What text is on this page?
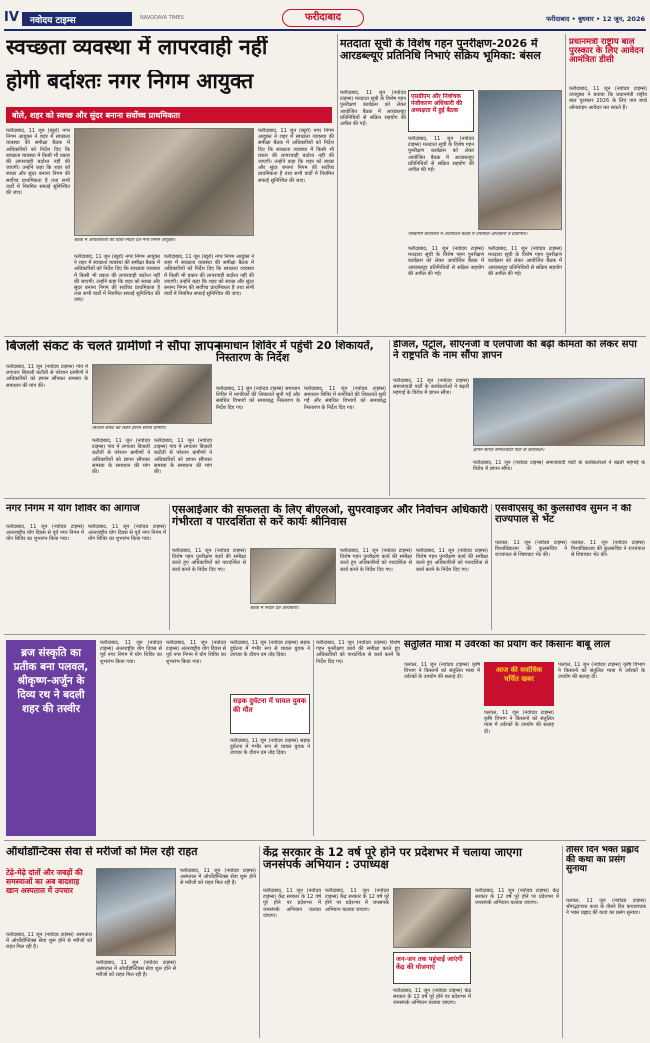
IV	नवोदय टाइम्स	NAVODAYA TIMES	फरीदाबाद	फरीदाबाद • बुधवार • 12 जून, 2026
स्वच्छता व्यवस्था में लापरवाही नहीं
होगी बर्दाश्तः नगर निगम आयुक्त
बोले, शहर को स्वच्छ और सुंदर बनाना सर्वोच्च प्राथमिकता
फरीदाबाद, 11 जून (ब्यूरो) नगर निगम आयुक्त ने शहर में स्वच्छता व्यवस्था की समीक्षा बैठक में अधिकारियों को निर्देश दिए कि स्वच्छता व्यवस्था में किसी भी प्रकार की लापरवाही बर्दाश्त नहीं की जाएगी। उन्होंने कहा कि शहर को स्वच्छ और सुंदर बनाना निगम की सर्वोच्च प्राथमिकता है तथा सभी वार्डों में नियमित सफाई सुनिश्चित की जाए।
बैठक में अधिकारियों को दिशा-निर्देश देते नगर निगम आयुक्त।
फरीदाबाद, 11 जून (ब्यूरो) नगर निगम आयुक्त ने शहर में स्वच्छता व्यवस्था की समीक्षा बैठक में अधिकारियों को निर्देश दिए कि स्वच्छता व्यवस्था में किसी भी प्रकार की लापरवाही बर्दाश्त नहीं की जाएगी। उन्होंने कहा कि शहर को स्वच्छ और सुंदर बनाना निगम की सर्वोच्च प्राथमिकता है तथा सभी वार्डों में नियमित सफाई सुनिश्चित की जाए।
फरीदाबाद, 11 जून (ब्यूरो) नगर निगम आयुक्त ने शहर में स्वच्छता व्यवस्था की समीक्षा बैठक में अधिकारियों को निर्देश दिए कि स्वच्छता व्यवस्था में किसी भी प्रकार की लापरवाही बर्दाश्त नहीं की जाएगी। उन्होंने कहा कि शहर को स्वच्छ और सुंदर बनाना निगम की सर्वोच्च प्राथमिकता है तथा सभी वार्डों में नियमित सफाई सुनिश्चित की जाए।
फरीदाबाद, 11 जून (ब्यूरो) नगर निगम आयुक्त ने शहर में स्वच्छता व्यवस्था की समीक्षा बैठक में अधिकारियों को निर्देश दिए कि स्वच्छता व्यवस्था में किसी भी प्रकार की लापरवाही बर्दाश्त नहीं की जाएगी। उन्होंने कहा कि शहर को स्वच्छ और सुंदर बनाना निगम की सर्वोच्च प्राथमिकता है तथा सभी वार्डों में नियमित सफाई सुनिश्चित की जाए।
मतदाता सूची के विशेष गहन पुनरीक्षण-2026 में आरडब्ल्यूए प्रतिनिधि निभाएं सक्रिय भूमिका: बंसल
फरीदाबाद, 11 जून (नवोदय टाइम्स) मतदाता सूची के विशेष गहन पुनरीक्षण कार्यक्रम को लेकर आयोजित बैठक में आरडब्ल्यूए प्रतिनिधियों से सक्रिय सहयोग की अपील की गई।
एसडीएम और निर्वाचक पंजीकरण अधिकारी की अध्यक्षता में हुई बैठक
एसडीएम कार्यालय में आयोजित बैठक में उपस्थित अधिकारी व प्रतिनिधि।
फरीदाबाद, 11 जून (नवोदय टाइम्स) मतदाता सूची के विशेष गहन पुनरीक्षण कार्यक्रम को लेकर आयोजित बैठक में आरडब्ल्यूए प्रतिनिधियों से सक्रिय सहयोग की अपील की गई।
फरीदाबाद, 11 जून (नवोदय टाइम्स) मतदाता सूची के विशेष गहन पुनरीक्षण कार्यक्रम को लेकर आयोजित बैठक में आरडब्ल्यूए प्रतिनिधियों से सक्रिय सहयोग की अपील की गई।
फरीदाबाद, 11 जून (नवोदय टाइम्स) मतदाता सूची के विशेष गहन पुनरीक्षण कार्यक्रम को लेकर आयोजित बैठक में आरडब्ल्यूए प्रतिनिधियों से सक्रिय सहयोग की अपील की गई।
प्रधानमंत्री राष्ट्रीय बाल पुरस्कार के लिए आवेदन आमंत्रितः डीसी
फरीदाबाद, 11 जून (नवोदय टाइम्स) उपायुक्त ने बताया कि प्रधानमंत्री राष्ट्रीय बाल पुरस्कार 2026 के लिए पात्र बच्चे ऑनलाइन आवेदन कर सकते हैं।
बिजली संकट के चलते ग्रामीणों ने सौंपा ज्ञापन
फरीदाबाद, 11 जून (नवोदय टाइम्स) गांव में लगातार बिजली कटौती से परेशान ग्रामीणों ने अधिकारियों को ज्ञापन सौंपकर समस्या के समाधान की मांग की।
बिजली संकट को लेकर ज्ञापन सौंपते ग्रामीण।
फरीदाबाद, 11 जून (नवोदय टाइम्स) गांव में लगातार बिजली कटौती से परेशान ग्रामीणों ने अधिकारियों को ज्ञापन सौंपकर समस्या के समाधान की मांग की।
फरीदाबाद, 11 जून (नवोदय टाइम्स) गांव में लगातार बिजली कटौती से परेशान ग्रामीणों ने अधिकारियों को ज्ञापन सौंपकर समस्या के समाधान की मांग की।
समाधान शिविर में पहुंची 20 शिकायतें, निस्तारण के निर्देश
फरीदाबाद, 11 जून (नवोदय टाइम्स) समाधान शिविर में नागरिकों की शिकायतें सुनी गईं और संबंधित विभागों को समयबद्ध निस्तारण के निर्देश दिए गए।
फरीदाबाद, 11 जून (नवोदय टाइम्स) समाधान शिविर में नागरिकों की शिकायतें सुनी गईं और संबंधित विभागों को समयबद्ध निस्तारण के निर्देश दिए गए।
डीजल, पेट्रोल, सीएनजी व एलपीजी की बढ़ी कीमतों को लेकर सपा ने राष्ट्रपति के नाम सौंपा ज्ञापन
फरीदाबाद, 11 जून (नवोदय टाइम्स) समाजवादी पार्टी के कार्यकर्ताओं ने बढ़ती महंगाई के विरोध में ज्ञापन सौंपा।
ज्ञापन सौंपते समाजवादी पार्टी के कार्यकर्ता।
फरीदाबाद, 11 जून (नवोदय टाइम्स) समाजवादी पार्टी के कार्यकर्ताओं ने बढ़ती महंगाई के विरोध में ज्ञापन सौंपा।
नगर निगम में योग शिविर का आगाज
फरीदाबाद, 11 जून (नवोदय टाइम्स) अंतरराष्ट्रीय योग दिवस से पूर्व नगर निगम में योग शिविर का शुभारंभ किया गया।
फरीदाबाद, 11 जून (नवोदय टाइम्स) अंतरराष्ट्रीय योग दिवस से पूर्व नगर निगम में योग शिविर का शुभारंभ किया गया।
एसआईआर की सफलता के लिए बीएलओ, सुपरवाइजर और निर्वाचन अधिकारी गंभीरता व पारदर्शिता से करें कार्यः श्रीनिवास
फरीदाबाद, 11 जून (नवोदय टाइम्स) विशेष गहन पुनरीक्षण कार्य की समीक्षा करते हुए अधिकारियों को पारदर्शिता से कार्य करने के निर्देश दिए गए।
बैठक में निर्देश देते अधिकारी।
फरीदाबाद, 11 जून (नवोदय टाइम्स) विशेष गहन पुनरीक्षण कार्य की समीक्षा करते हुए अधिकारियों को पारदर्शिता से कार्य करने के निर्देश दिए गए।
फरीदाबाद, 11 जून (नवोदय टाइम्स) विशेष गहन पुनरीक्षण कार्य की समीक्षा करते हुए अधिकारियों को पारदर्शिता से कार्य करने के निर्देश दिए गए।
एसवीएसयू की कुलसचिव सुमन ने की राज्यपाल से भेंट
पलवल, 11 जून (नवोदय टाइम्स) विश्वविद्यालय की कुलसचिव ने राज्यपाल से शिष्टाचार भेंट की।
पलवल, 11 जून (नवोदय टाइम्स) विश्वविद्यालय की कुलसचिव ने राज्यपाल से शिष्टाचार भेंट की।
ब्रज संस्कृति का प्रतीक बना पलवल, श्रीकृष्ण-अर्जुन के दिव्य रथ ने बदली शहर की तस्वीर
फरीदाबाद, 11 जून (नवोदय टाइम्स) अंतरराष्ट्रीय योग दिवस से पूर्व नगर निगम में योग शिविर का शुभारंभ किया गया।
फरीदाबाद, 11 जून (नवोदय टाइम्स) अंतरराष्ट्रीय योग दिवस से पूर्व नगर निगम में योग शिविर का शुभारंभ किया गया।
फरीदाबाद, 11 जून (नवोदय टाइम्स) सड़क दुर्घटना में गंभीर रूप से घायल युवक ने उपचार के दौरान दम तोड़ दिया।
सड़क दुर्घटना में घायल युवक की मौत
फरीदाबाद, 11 जून (नवोदय टाइम्स) सड़क दुर्घटना में गंभीर रूप से घायल युवक ने उपचार के दौरान दम तोड़ दिया।
फरीदाबाद, 11 जून (नवोदय टाइम्स) विशेष गहन पुनरीक्षण कार्य की समीक्षा करते हुए अधिकारियों को पारदर्शिता से कार्य करने के निर्देश दिए गए।
संतुलित मात्रा में उर्वरकों का प्रयोग करें किसानः बाबू लाल
पलवल, 11 जून (नवोदय टाइम्स) कृषि विभाग ने किसानों को संतुलित मात्रा में उर्वरकों के उपयोग की सलाह दी।
आज की सर्वाधिक चर्चित खबर
पलवल, 11 जून (नवोदय टाइम्स) कृषि विभाग ने किसानों को संतुलित मात्रा में उर्वरकों के उपयोग की सलाह दी।
पलवल, 11 जून (नवोदय टाइम्स) कृषि विभाग ने किसानों को संतुलित मात्रा में उर्वरकों के उपयोग की सलाह दी।
ऑर्थोडॉन्टिक्स सेवा से मरीजों को मिल रही राहत
टेढ़े-मेढ़े दांतों और जबड़ों की समस्याओं का अब बादशाह खान अस्पताल में उपचार
फरीदाबाद, 11 जून (नवोदय टाइम्स) अस्पताल में ऑर्थोडॉन्टिक्स सेवा शुरू होने से मरीजों को राहत मिल रही है।
फरीदाबाद, 11 जून (नवोदय टाइम्स) अस्पताल में ऑर्थोडॉन्टिक्स सेवा शुरू होने से मरीजों को राहत मिल रही है।
फरीदाबाद, 11 जून (नवोदय टाइम्स) अस्पताल में ऑर्थोडॉन्टिक्स सेवा शुरू होने से मरीजों को राहत मिल रही है।
केंद्र सरकार के 12 वर्ष पूरे होने पर प्रदेशभर में चलाया जाएगा जनसंपर्क अभियान : उपाध्यक्ष
फरीदाबाद, 11 जून (नवोदय टाइम्स) केंद्र सरकार के 12 वर्ष पूरे होने पर प्रदेशभर में जनसंपर्क अभियान चलाया जाएगा।
फरीदाबाद, 11 जून (नवोदय टाइम्स) केंद्र सरकार के 12 वर्ष पूरे होने पर प्रदेशभर में जनसंपर्क अभियान चलाया जाएगा।
जन-जन तक पहुंचाई जाएंगी केंद्र की योजनाएं
फरीदाबाद, 11 जून (नवोदय टाइम्स) केंद्र सरकार के 12 वर्ष पूरे होने पर प्रदेशभर में जनसंपर्क अभियान चलाया जाएगा।
फरीदाबाद, 11 जून (नवोदय टाइम्स) केंद्र सरकार के 12 वर्ष पूरे होने पर प्रदेशभर में जनसंपर्क अभियान चलाया जाएगा।
तीसरे दिन भक्त प्रह्लाद की कथा का प्रसंग सुनाया
पलवल, 11 जून (नवोदय टाइम्स) श्रीमद्भागवत कथा के तीसरे दिन कथावाचक ने भक्त प्रह्लाद की कथा का प्रसंग सुनाया।
